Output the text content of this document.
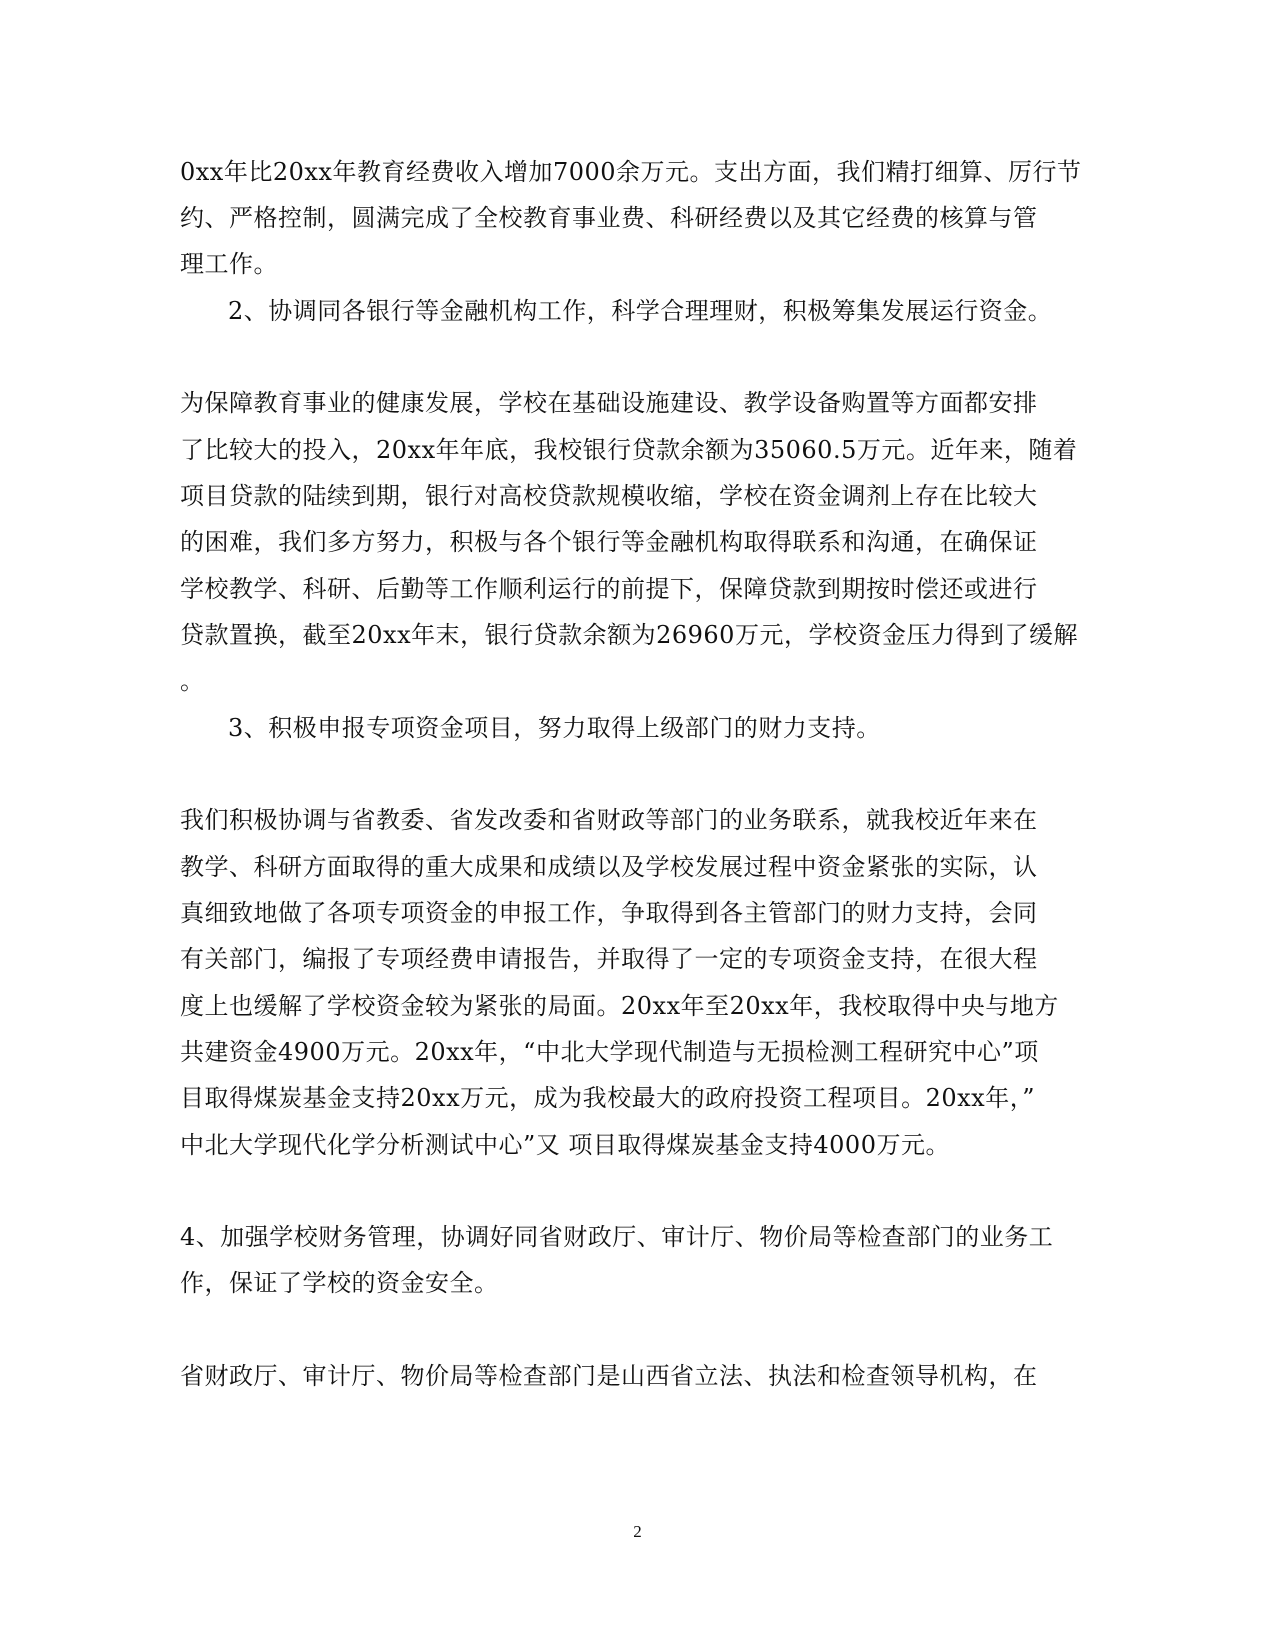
0xx年比20xx年教育经费收入增加7000余万元。支出方面，我们精打细算、厉行节
约、严格控制，圆满完成了全校教育事业费、科研经费以及其它经费的核算与管
理工作。
2、协调同各银行等金融机构工作，科学合理理财，积极筹集发展运行资金。
为保障教育事业的健康发展，学校在基础设施建设、教学设备购置等方面都安排
了比较大的投入，20xx年年底，我校银行贷款余额为35060.5万元。近年来，随着
项目贷款的陆续到期，银行对高校贷款规模收缩，学校在资金调剂上存在比较大
的困难，我们多方努力，积极与各个银行等金融机构取得联系和沟通，在确保证
学校教学、科研、后勤等工作顺利运行的前提下，保障贷款到期按时偿还或进行
贷款置换，截至20xx年末，银行贷款余额为26960万元，学校资金压力得到了缓解
。
3、积极申报专项资金项目，努力取得上级部门的财力支持。
我们积极协调与省教委、省发改委和省财政等部门的业务联系，就我校近年来在
教学、科研方面取得的重大成果和成绩以及学校发展过程中资金紧张的实际，认
真细致地做了各项专项资金的申报工作，争取得到各主管部门的财力支持，会同
有关部门，编报了专项经费申请报告，并取得了一定的专项资金支持，在很大程
度上也缓解了学校资金较为紧张的局面。20xx年至20xx年，我校取得中央与地方
共建资金4900万元。20xx年，“中北大学现代制造与无损检测工程研究中心”项
目取得煤炭基金支持20xx万元，成为我校最大的政府投资工程项目。20xx年，”
中北大学现代化学分析测试中心”又 项目取得煤炭基金支持4000万元。
4、加强学校财务管理，协调好同省财政厅、审计厅、物价局等检查部门的业务工
作，保证了学校的资金安全。
省财政厅、审计厅、物价局等检查部门是山西省立法、执法和检查领导机构，在
2
